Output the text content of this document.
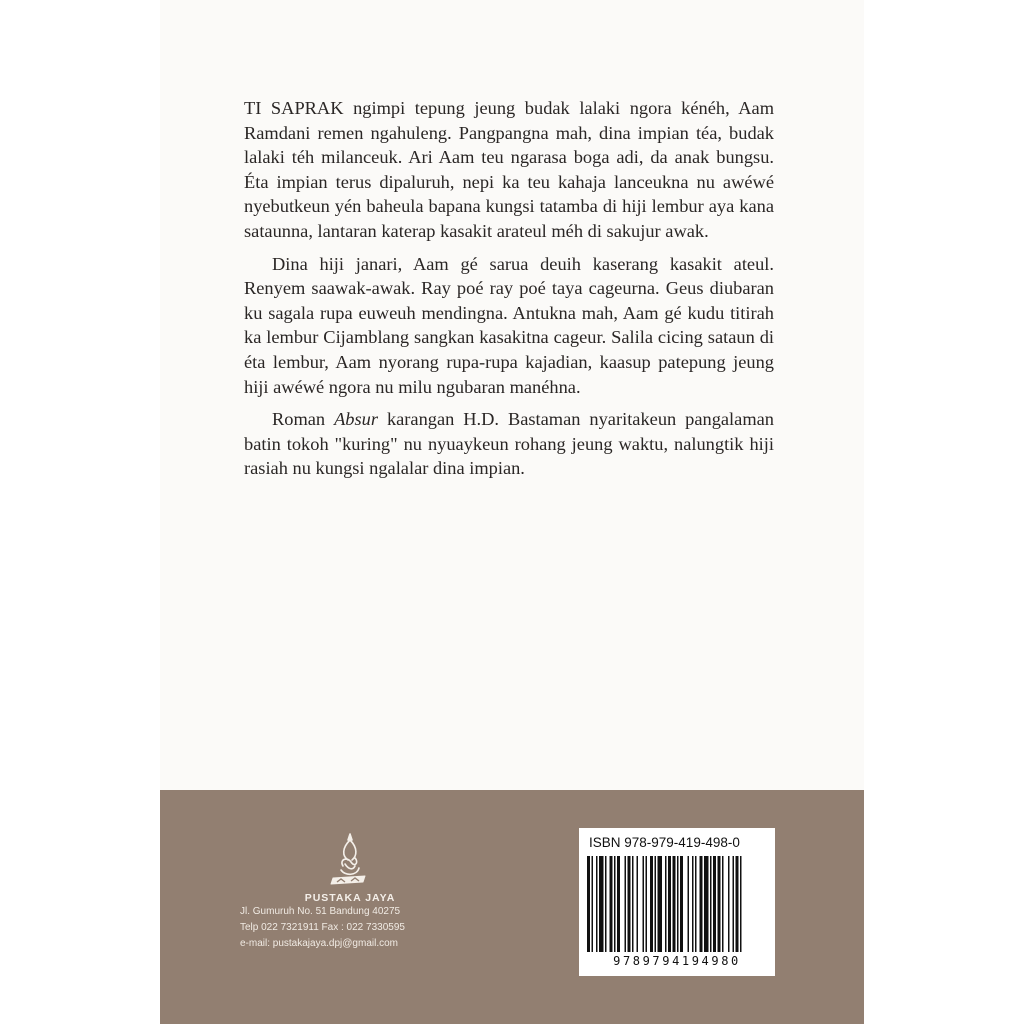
TI SAPRAK ngimpi tepung jeung budak lalaki ngora kénéh, Aam Ramdani remen ngahuleng. Pangpangna mah, dina impian téa, budak lalaki téh milanceuk. Ari Aam teu ngarasa boga adi, da anak bungsu. Éta impian terus dipaluruh, nepi ka teu kahaja lanceukna nu awéwé nyebutkeun yén baheula bapana kungsi tatamba di hiji lembur aya kana sataunna, lantaran katerap kasakit arateul méh di sakujur awak.

Dina hiji janari, Aam gé sarua deuih kaserang kasakit ateul. Renyem saawak-awak. Ray poé ray poé taya cageurna. Geus diubaran ku sagala rupa euweuh mendingna. Antukna mah, Aam gé kudu titirah ka lembur Cijamblang sangkan kasakitna cageur. Salila cicing sataun di éta lembur, Aam nyorang rupa-rupa kajadian, kaasup patepung jeung hiji awéwé ngora nu milu ngubaran manéhna.

Roman Absur karangan H.D. Bastaman nyaritakeun pangalaman batin tokoh "kuring" nu nyuaykeun rohang jeung waktu, nalungtik hiji rasiah nu kungsi ngalalar dina impian.

PUSTAKA JAYA
Jl. Gumuruh No. 51 Bandung 40275
Telp 022 7321911 Fax : 022 7330595
e-mail: pustakajaya.dpj@gmail.com
ISBN 978-979-419-498-0
9789794194980
